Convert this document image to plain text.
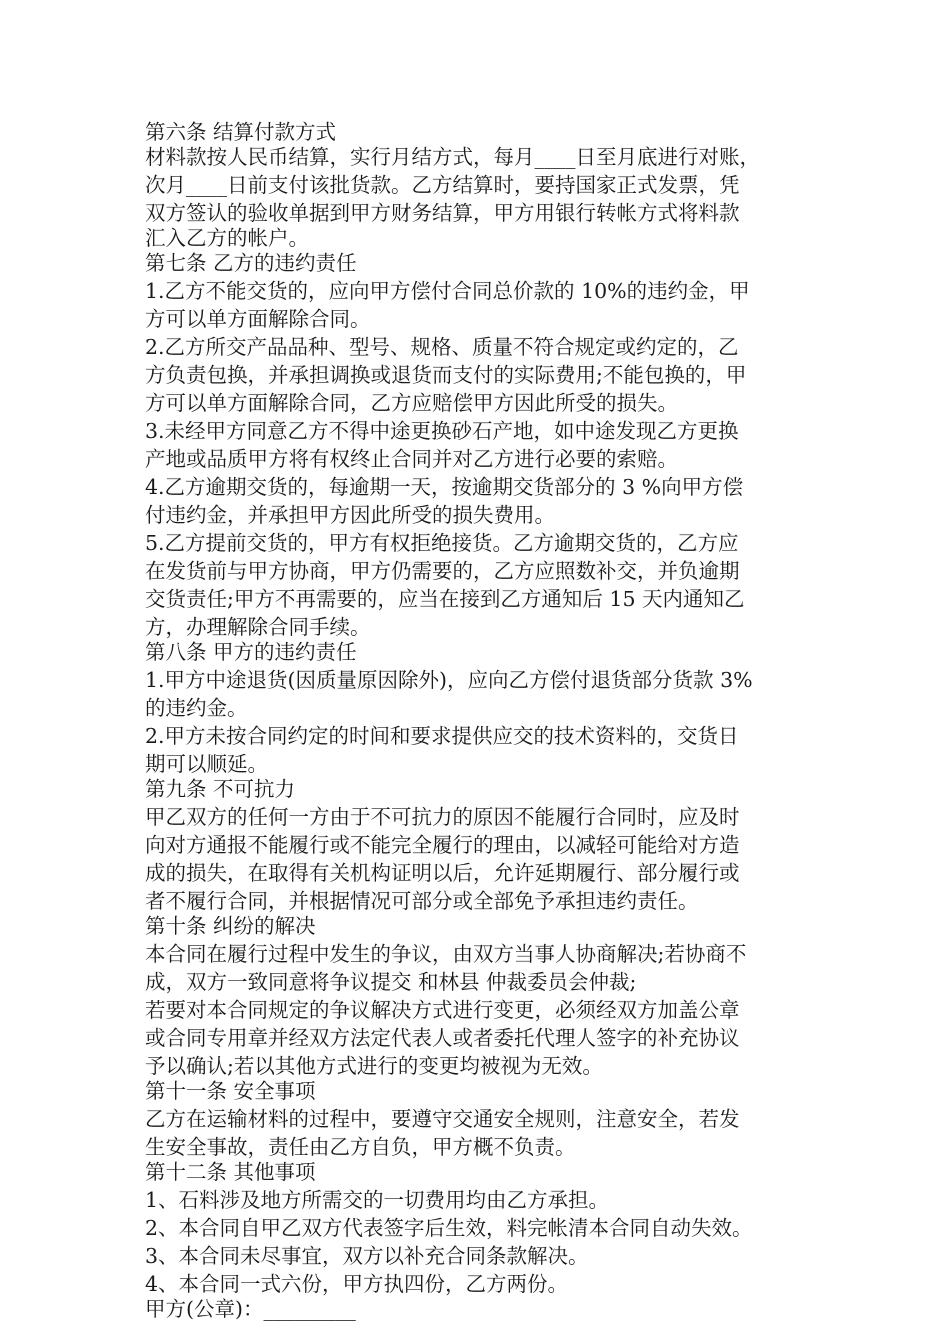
第六条 结算付款方式
材料款按人民币结算，实行月结方式，每月____日至月底进行对账，
次月____日前支付该批货款。乙方结算时，要持国家正式发票，凭
双方签认的验收单据到甲方财务结算，甲方用银行转帐方式将料款
汇入乙方的帐户。
第七条 乙方的违约责任
1.乙方不能交货的，应向甲方偿付合同总价款的 10%的违约金，甲
方可以单方面解除合同。
2.乙方所交产品品种、型号、规格、质量不符合规定或约定的，乙
方负责包换，并承担调换或退货而支付的实际费用;不能包换的，甲
方可以单方面解除合同，乙方应赔偿甲方因此所受的损失。
3.未经甲方同意乙方不得中途更换砂石产地，如中途发现乙方更换
产地或品质甲方将有权终止合同并对乙方进行必要的索赔。
4.乙方逾期交货的，每逾期一天，按逾期交货部分的 3 %向甲方偿
付违约金，并承担甲方因此所受的损失费用。
5.乙方提前交货的，甲方有权拒绝接货。乙方逾期交货的，乙方应
在发货前与甲方协商，甲方仍需要的，乙方应照数补交，并负逾期
交货责任;甲方不再需要的，应当在接到乙方通知后 15 天内通知乙
方，办理解除合同手续。
第八条 甲方的违约责任
1.甲方中途退货(因质量原因除外)，应向乙方偿付退货部分货款 3%
的违约金。
2.甲方未按合同约定的时间和要求提供应交的技术资料的，交货日
期可以顺延。
第九条 不可抗力
甲乙双方的任何一方由于不可抗力的原因不能履行合同时，应及时
向对方通报不能履行或不能完全履行的理由，以减轻可能给对方造
成的损失，在取得有关机构证明以后，允许延期履行、部分履行或
者不履行合同，并根据情况可部分或全部免予承担违约责任。
第十条 纠纷的解决
本合同在履行过程中发生的争议，由双方当事人协商解决;若协商不
成，双方一致同意将争议提交 和林县 仲裁委员会仲裁;
若要对本合同规定的争议解决方式进行变更，必须经双方加盖公章
或合同专用章并经双方法定代表人或者委托代理人签字的补充协议
予以确认;若以其他方式进行的变更均被视为无效。
第十一条 安全事项
乙方在运输材料的过程中，要遵守交通安全规则，注意安全，若发
生安全事故，责任由乙方自负，甲方概不负责。
第十二条 其他事项
1、石料涉及地方所需交的一切费用均由乙方承担。
2、本合同自甲乙双方代表签字后生效，料完帐清本合同自动失效。
3、本合同未尽事宜，双方以补充合同条款解决。
4、本合同一式六份，甲方执四份，乙方两份。
甲方(公章)：_________
